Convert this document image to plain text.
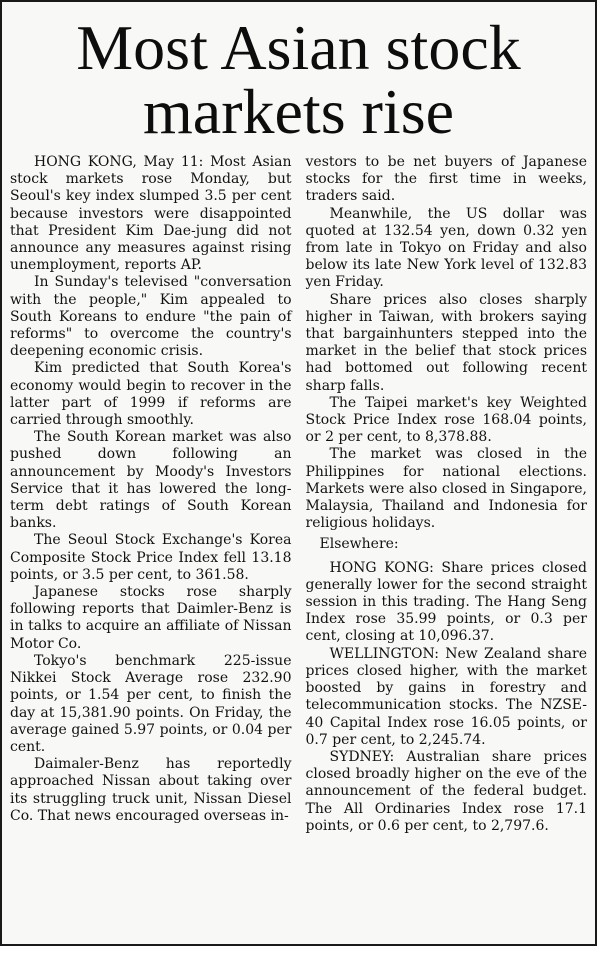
Most Asian stock
markets rise

HONG KONG, May 11: Most Asian stock markets rose Monday, but Seoul's key index slumped 3.5 per cent because investors were disappointed that President Kim Dae-jung did not announce any measures against rising unemployment, reports AP.

In Sunday's televised "conversation with the people," Kim appealed to South Koreans to endure "the pain of reforms" to overcome the country's deepening economic crisis.

Kim predicted that South Korea's economy would begin to recover in the latter part of 1999 if reforms are carried through smoothly.

The South Korean market was also pushed down following an announcement by Moody's Investors Service that it has lowered the long-term debt ratings of South Korean banks.

The Seoul Stock Exchange's Korea Composite Stock Price Index fell 13.18 points, or 3.5 per cent, to 361.58.

Japanese stocks rose sharply following reports that Daimler-Benz is in talks to acquire an affiliate of Nissan Motor Co.

Tokyo's benchmark 225-issue Nikkei Stock Average rose 232.90 points, or 1.54 per cent, to finish the day at 15,381.90 points. On Friday, the average gained 5.97 points, or 0.04 per cent.

Daimaler-Benz has reportedly approached Nissan about taking over its struggling truck unit, Nissan Diesel Co. That news encouraged overseas in-

vestors to be net buyers of Japanese stocks for the first time in weeks, traders said.

Meanwhile, the US dollar was quoted at 132.54 yen, down 0.32 yen from late in Tokyo on Friday and also below its late New York level of 132.83 yen Friday.

Share prices also closes sharply higher in Taiwan, with brokers saying that bargainhunters stepped into the market in the belief that stock prices had bottomed out following recent sharp falls.

The Taipei market's key Weighted Stock Price Index rose 168.04 points, or 2 per cent, to 8,378.88.

The market was closed in the Philippines for national elections. Markets were also closed in Singapore, Malaysia, Thailand and Indonesia for religious holidays.

Elsewhere:

HONG KONG: Share prices closed generally lower for the second straight session in this trading. The Hang Seng Index rose 35.99 points, or 0.3 per cent, closing at 10,096.37.

WELLINGTON: New Zealand share prices closed higher, with the market boosted by gains in forestry and telecommunication stocks. The NZSE-40 Capital Index rose 16.05 points, or 0.7 per cent, to 2,245.74.

SYDNEY: Australian share prices closed broadly higher on the eve of the announcement of the federal budget. The All Ordinaries Index rose 17.1 points, or 0.6 per cent, to 2,797.6.
